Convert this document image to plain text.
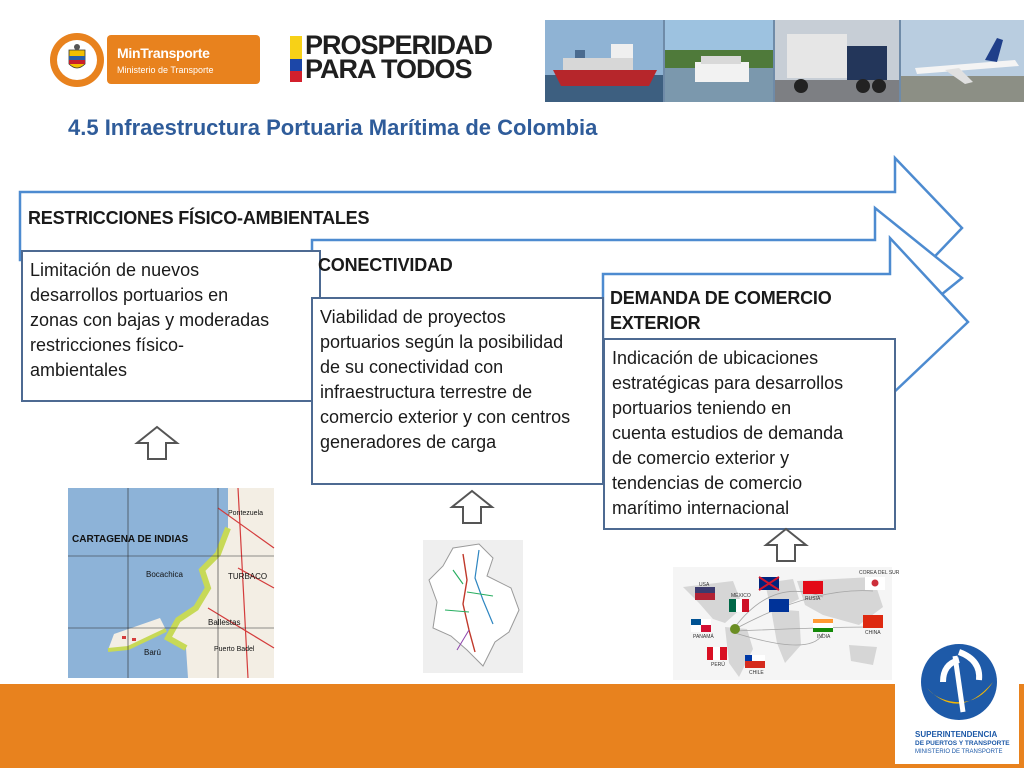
MinTransporte
Ministerio de Transporte
PROSPERIDAD
PARA TODOS
4.5 Infraestructura Portuaria Marítima de Colombia
RESTRICCIONES FÍSICO-AMBIENTALES
Limitación de nuevos
desarrollos portuarios en
zonas con bajas y moderadas
restricciones físico-
ambientales
CONECTIVIDAD
Viabilidad de proyectos
portuarios según la posibilidad
de su conectividad con
infraestructura terrestre de
comercio exterior y con centros
generadores de carga
DEMANDA DE COMERCIO
EXTERIOR
Indicación de ubicaciones
estratégicas para desarrollos
portuarios teniendo en
cuenta estudios de demanda
de comercio exterior y
tendencias de comercio
marítimo internacional
CARTAGENA DE INDIAS
Bocachica	TURBACO
Ballestas
Barú	Puerto Badel
Pontezuela
USA
MÉXICO
PANAMÁ
PERÚ
CHILE
RUSIA
CHINA
INDIA
COREA DEL SUR
SUPERINTENDENCIA
DE PUERTOS Y TRANSPORTE
MINISTERIO DE TRANSPORTE
